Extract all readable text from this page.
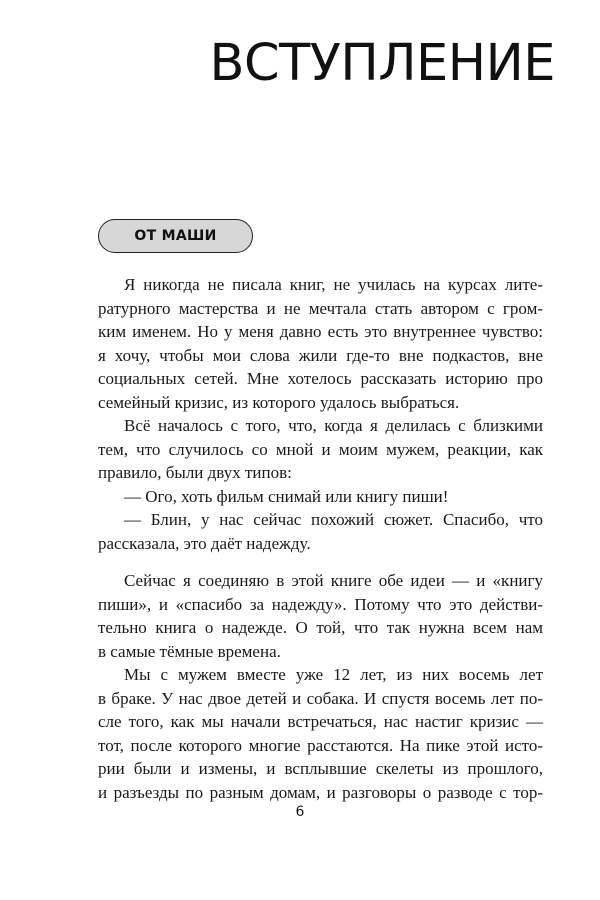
ВСТУПЛЕНИЕ
ОТ МАШИ
Я никогда не писала книг, не училась на курсах лите-
ратурного мастерства и не мечтала стать автором с гром-
ким именем. Но у меня давно есть это внутреннее чувство:
я хочу, чтобы мои слова жили где-то вне подкастов, вне
социальных сетей. Мне хотелось рассказать историю про
семейный кризис, из которого удалось выбраться.
Всё началось с того, что, когда я делилась с близкими
тем, что случилось со мной и моим мужем, реакции, как
правило, были двух типов:
— Ого, хоть фильм снимай или книгу пиши!
— Блин, у нас сейчас похожий сюжет. Спасибо, что
рассказала, это даёт надежду.
Сейчас я соединяю в этой книге обе идеи — и «книгу
пиши», и «спасибо за надежду». Потому что это действи-
тельно книга о надежде. О той, что так нужна всем нам
в самые тёмные времена.
Мы с мужем вместе уже 12 лет, из них восемь лет
в браке. У нас двое детей и собака. И спустя восемь лет по-
сле того, как мы начали встречаться, нас настиг кризис —
тот, после которого многие расстаются. На пике этой исто-
рии были и измены, и всплывшие скелеты из прошлого,
и разъезды по разным домам, и разговоры о разводе с тор-
6
